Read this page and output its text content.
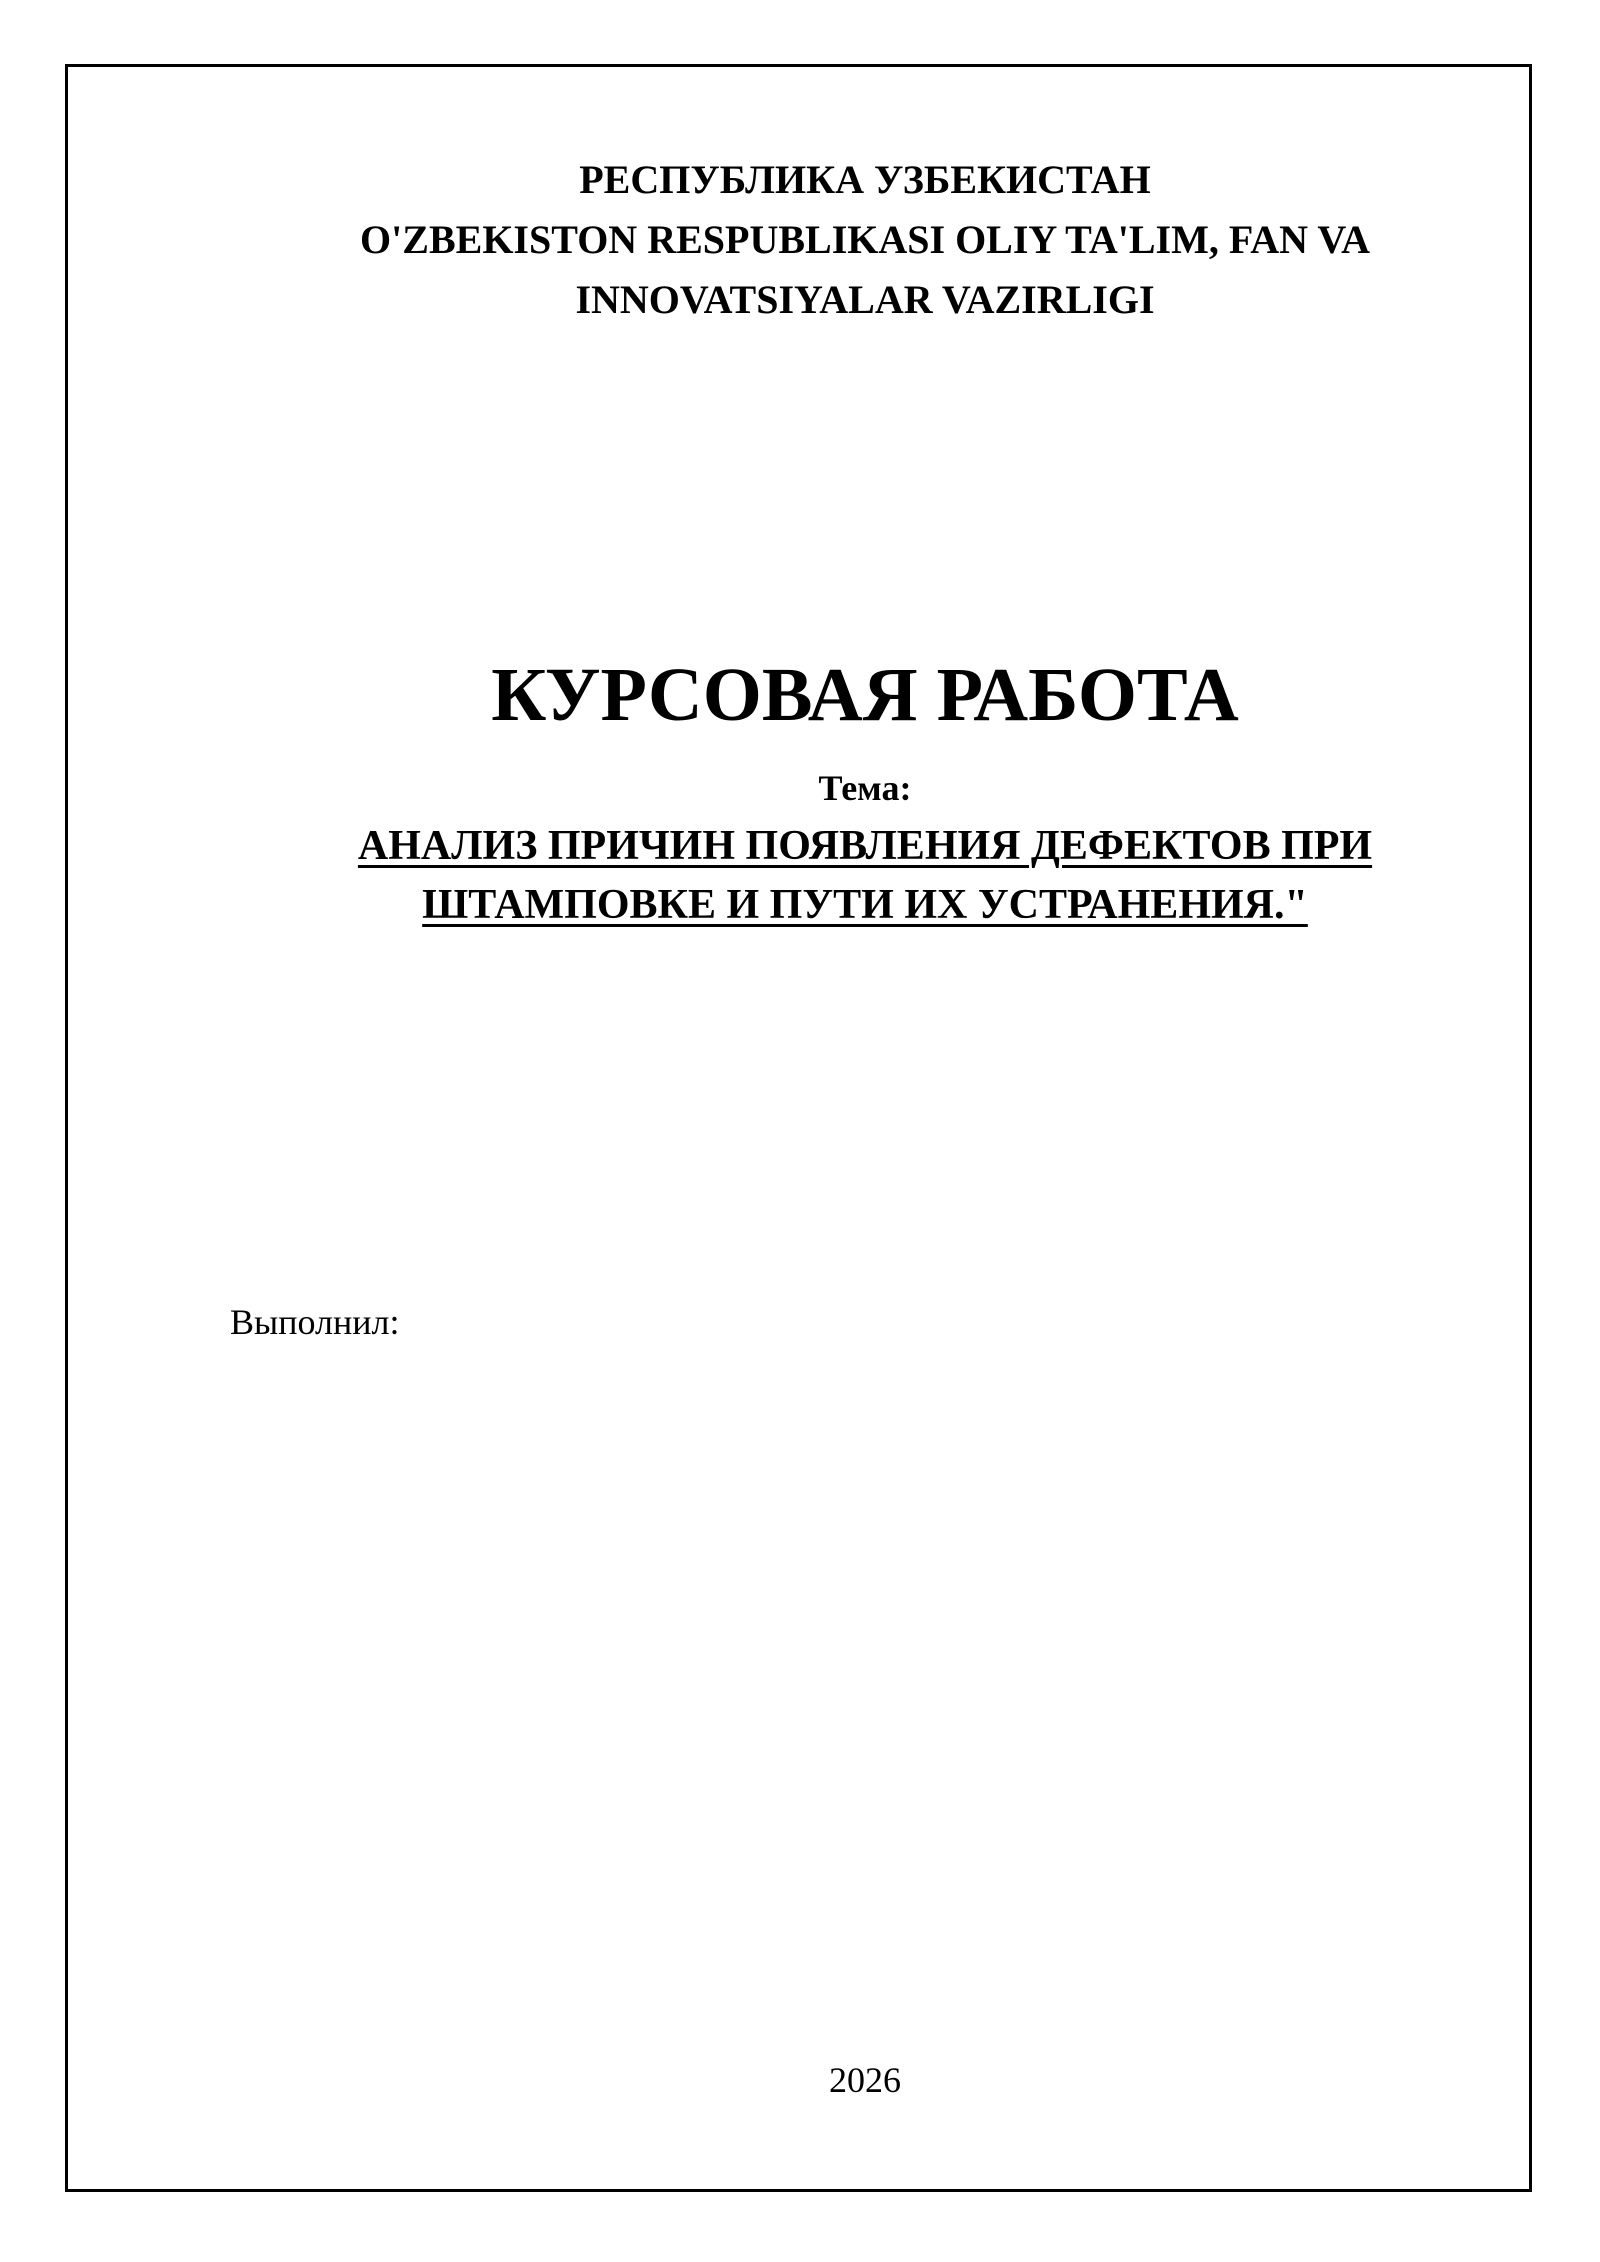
РЕСПУБЛИКА УЗБЕКИСТАН
O'ZBEKISTON RESPUBLIKASI OLIY TA'LIM, FAN VA
INNOVATSIYALAR VAZIRLIGI
КУРСОВАЯ РАБОТА
Тема:
АНАЛИЗ ПРИЧИН ПОЯВЛЕНИЯ ДЕФЕКТОВ ПРИ
ШТАМПОВКЕ И ПУТИ ИХ УСТРАНЕНИЯ."
Выполнил:
2026
